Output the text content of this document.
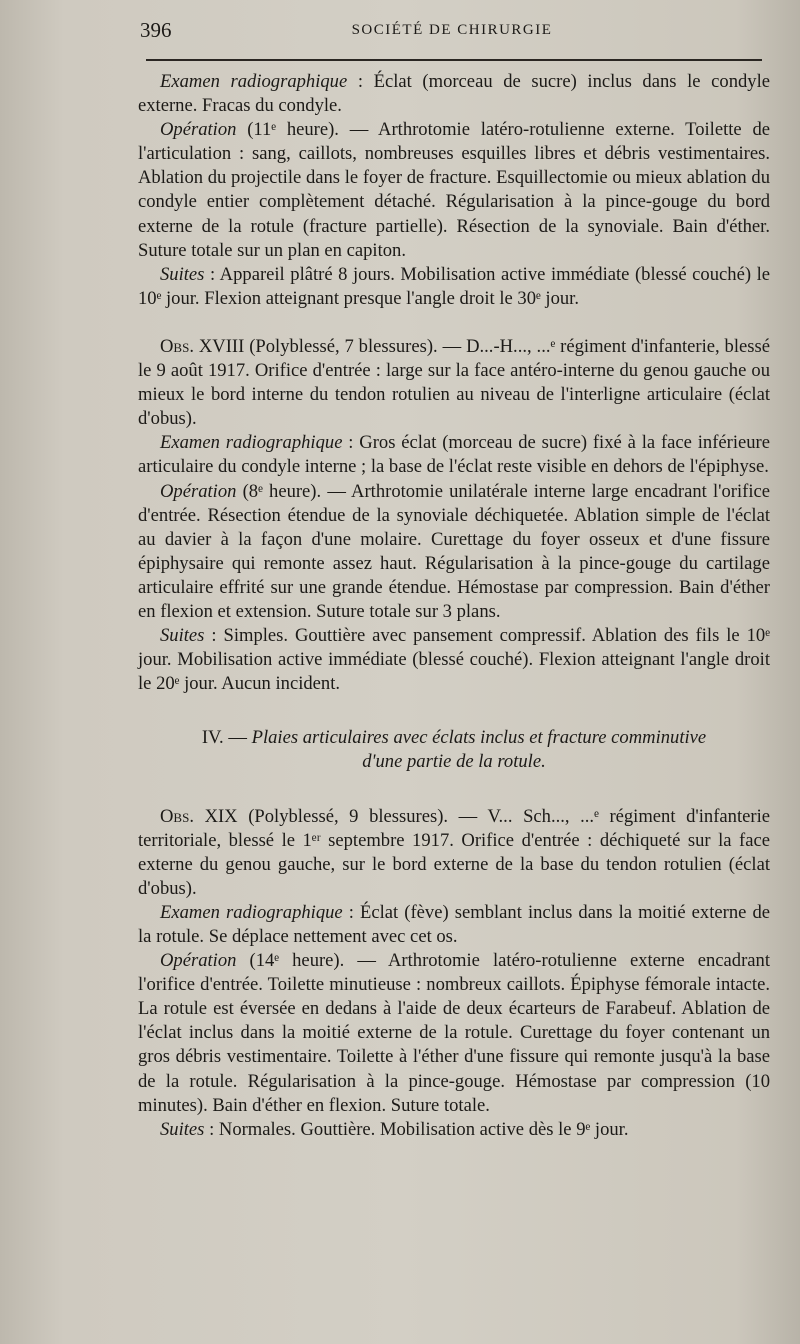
396	SOCIÉTÉ DE CHIRURGIE

Examen radiographique : Éclat (morceau de sucre) inclus dans le condyle externe. Fracas du condyle.

Opération (11ᵉ heure). — Arthrotomie latéro-rotulienne externe. Toilette de l'articulation : sang, caillots, nombreuses esquilles libres et débris vestimentaires. Ablation du projectile dans le foyer de fracture. Esquillectomie ou mieux ablation du condyle entier complètement détaché. Régularisation à la pince-gouge du bord externe de la rotule (fracture partielle). Résection de la synoviale. Bain d'éther. Suture totale sur un plan en capiton.

Suites : Appareil plâtré 8 jours. Mobilisation active immédiate (blessé couché) le 10ᵉ jour. Flexion atteignant presque l'angle droit le 30ᵉ jour.

Obs. XVIII (Polyblessé, 7 blessures). — D...-H..., ...ᵉ régiment d'infanterie, blessé le 9 août 1917. Orifice d'entrée : large sur la face antéro-interne du genou gauche ou mieux le bord interne du tendon rotulien au niveau de l'interligne articulaire (éclat d'obus).

Examen radiographique : Gros éclat (morceau de sucre) fixé à la face inférieure articulaire du condyle interne ; la base de l'éclat reste visible en dehors de l'épiphyse.

Opération (8ᵉ heure). — Arthrotomie unilatérale interne large encadrant l'orifice d'entrée. Résection étendue de la synoviale déchiquetée. Ablation simple de l'éclat au davier à la façon d'une molaire. Curettage du foyer osseux et d'une fissure épiphysaire qui remonte assez haut. Régularisation à la pince-gouge du cartilage articulaire effrité sur une grande étendue. Hémostase par compression. Bain d'éther en flexion et extension. Suture totale sur 3 plans.

Suites : Simples. Gouttière avec pansement compressif. Ablation des fils le 10ᵉ jour. Mobilisation active immédiate (blessé couché). Flexion atteignant l'angle droit le 20ᵉ jour. Aucun incident.

IV. — Plaies articulaires avec éclats inclus et fracture comminutive
d'une partie de la rotule.

Obs. XIX (Polyblessé, 9 blessures). — V... Sch..., ...ᵉ régiment d'infanterie territoriale, blessé le 1ᵉʳ septembre 1917. Orifice d'entrée : déchiqueté sur la face externe du genou gauche, sur le bord externe de la base du tendon rotulien (éclat d'obus).

Examen radiographique : Éclat (fève) semblant inclus dans la moitié externe de la rotule. Se déplace nettement avec cet os.

Opération (14ᵉ heure). — Arthrotomie latéro-rotulienne externe encadrant l'orifice d'entrée. Toilette minutieuse : nombreux caillots. Épiphyse fémorale intacte. La rotule est éversée en dedans à l'aide de deux écarteurs de Farabeuf. Ablation de l'éclat inclus dans la moitié externe de la rotule. Curettage du foyer contenant un gros débris vestimentaire. Toilette à l'éther d'une fissure qui remonte jusqu'à la base de la rotule. Régularisation à la pince-gouge. Hémostase par compression (10 minutes). Bain d'éther en flexion. Suture totale.

Suites : Normales. Gouttière. Mobilisation active dès le 9ᵉ jour.
